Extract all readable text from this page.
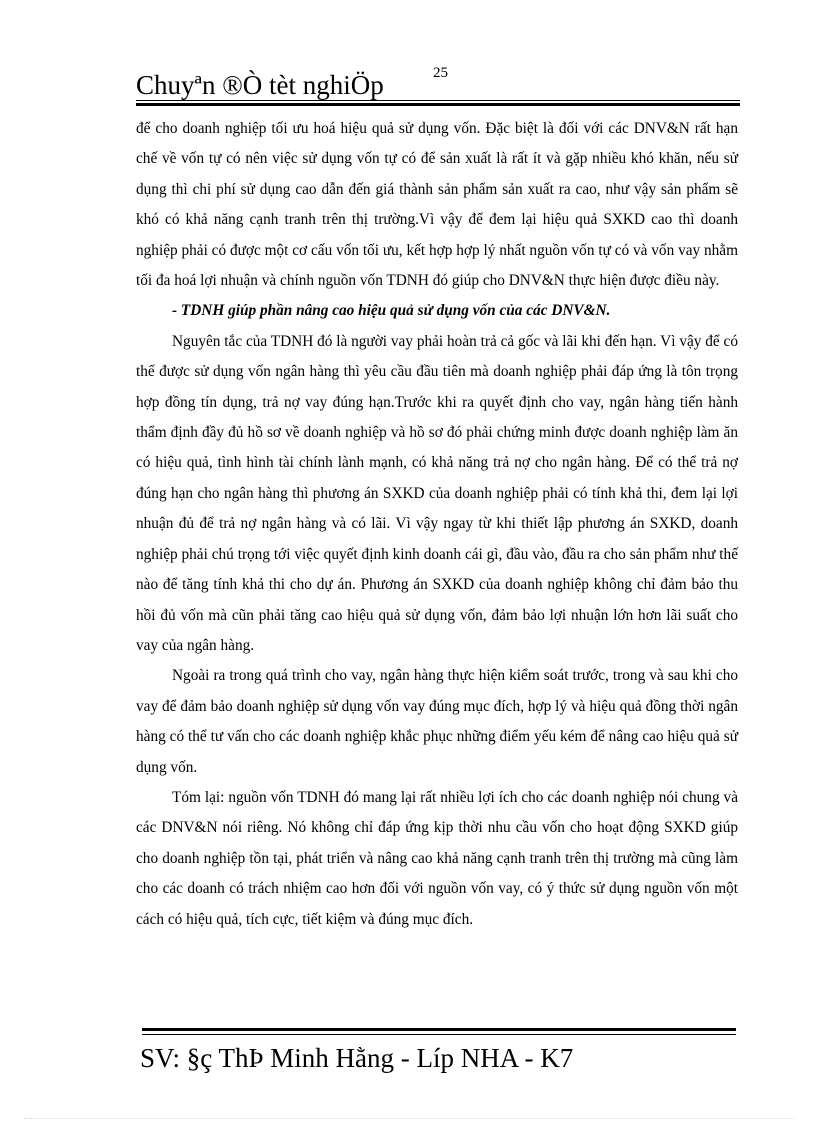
Chuyªn ®Ò tèt nghiÖp	25

để cho doanh nghiệp tối ưu hoá hiệu quả sử dụng vốn. Đặc biệt là đối với các DNV&N rất hạn chế về vốn tự có nên việc sử dụng vốn tự có để sản xuất là rất ít và gặp nhiều khó khăn, nếu sử dụng thì chi phí sử dụng cao dẫn đến giá thành sản phẩm sản xuất ra cao, như vậy sản phẩm sẽ khó có khả năng cạnh tranh trên thị trường.Vì vậy để đem lại hiệu quả SXKD cao thì doanh nghiệp phải có được một cơ cấu vốn tối ưu, kết hợp hợp lý nhất nguồn vốn tự có và vốn vay nhằm tối đa hoá lợi nhuận và chính nguồn vốn TDNH đó giúp cho DNV&N thực hiện được điều này.

- TDNH giúp phần nâng cao hiệu quả sử dụng vốn của các DNV&N.

Nguyên tắc của TDNH đó là người vay phải hoàn trả cả gốc và lãi khi đến hạn. Vì vậy để có thể được sử dụng vốn ngân hàng thì yêu cầu đầu tiên mà doanh nghiệp phải đáp ứng là tôn trọng hợp đồng tín dụng, trả nợ vay đúng hạn.Trước khi ra quyết định cho vay, ngân hàng tiến hành thẩm định đầy đủ hồ sơ về doanh nghiệp và hồ sơ đó phải chứng minh được doanh nghiệp làm ăn có hiệu quả, tình hình tài chính lành mạnh, có khả năng trả nợ cho ngân hàng. Để có thể trả nợ đúng hạn cho ngân hàng thì phương án SXKD của doanh nghiệp phải có tính khả thi, đem lại lợi nhuận đủ để trả nợ ngân hàng và có lãi. Vì vậy ngay từ khi thiết lập phương án SXKD, doanh nghiệp phải chú trọng tới việc quyết định kinh doanh cái gì, đầu vào, đầu ra cho sản phẩm như thế nào để tăng tính khả thi cho dự án. Phương án SXKD của doanh nghiệp không chỉ đảm bảo thu hồi đủ vốn mà cũn phải tăng cao hiệu quả sử dụng vốn, đảm bảo lợi nhuận lớn hơn lãi suất cho vay của ngân hàng.

Ngoài ra trong quá trình cho vay, ngân hàng thực hiện kiểm soát trước, trong và sau khi cho vay để đảm bảo doanh nghiệp sử dụng vốn vay đúng mục đích, hợp lý và hiệu quả đồng thời ngân hàng có thể tư vấn cho các doanh nghiệp khắc phục những điểm yếu kém để nâng cao hiệu quả sử dụng vốn.

Tóm lại: nguồn vốn TDNH đó mang lại rất nhiều lợi ích cho các doanh nghiệp nói chung và các DNV&N nói riêng. Nó không chỉ đáp ứng kịp thời nhu cầu vốn cho hoạt động SXKD giúp cho doanh nghiệp tồn tại, phát triển và nâng cao khả năng cạnh tranh trên thị trường mà cũng làm cho các doanh có trách nhiệm cao hơn đối với nguồn vốn vay, có ý thức sử dụng nguồn vốn một cách có hiệu quả, tích cực, tiết kiệm và đúng mục đích.

SV: §ç ThÞ Minh Hằng - Líp NHA - K7
